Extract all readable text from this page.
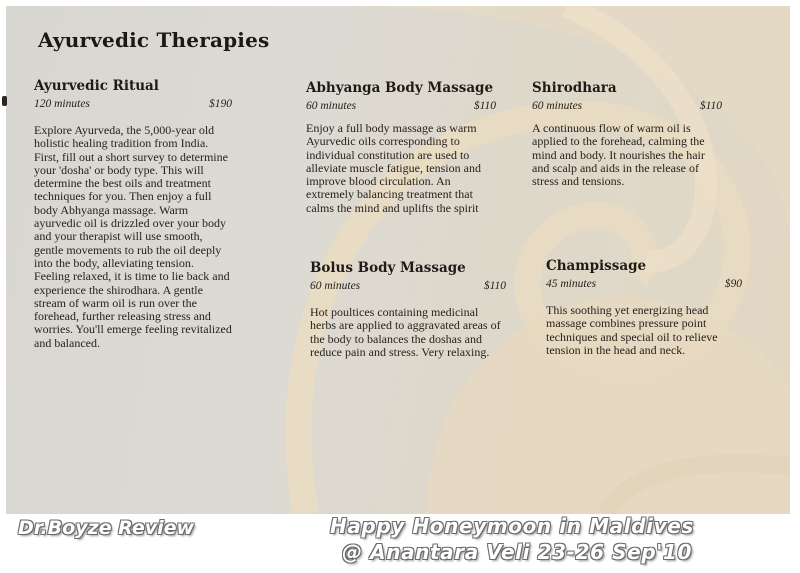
Ayurvedic Therapies
Ayurvedic Ritual
120 minutes	$190
Explore Ayurveda, the 5,000-year old holistic healing tradition from India. First, fill out a short survey to determine your 'dosha' or body type. This will determine the best oils and treatment techniques for you. Then enjoy a full body Abhyanga massage. Warm ayurvedic oil is drizzled over your body and your therapist will use smooth, gentle movements to rub the oil deeply into the body, alleviating tension. Feeling relaxed, it is time to lie back and experience the shirodhara. A gentle stream of warm oil is run over the forehead, further releasing stress and worries. You'll emerge feeling revitalized and balanced.
Abhyanga Body Massage
60 minutes	$110
Enjoy a full body massage as warm Ayurvedic oils corresponding to individual constitution are used to alleviate muscle fatigue, tension and improve blood circulation. An extremely balancing treatment that calms the mind and uplifts the spirit
Shirodhara
60 minutes	$110
A continuous flow of warm oil is applied to the forehead, calming the mind and body. It nourishes the hair and scalp and aids in the release of stress and tensions.
Bolus Body Massage
60 minutes	$110
Hot poultices containing medicinal herbs are applied to aggravated areas of the body to balances the doshas and reduce pain and stress. Very relaxing.
Champissage
45 minutes	$90
This soothing yet energizing head massage combines pressure point techniques and special oil to relieve tension in the head and neck.
Dr.Boyze Review	Happy Honeymoon in Maldives
@ Anantara Veli 23-26 Sep'10
